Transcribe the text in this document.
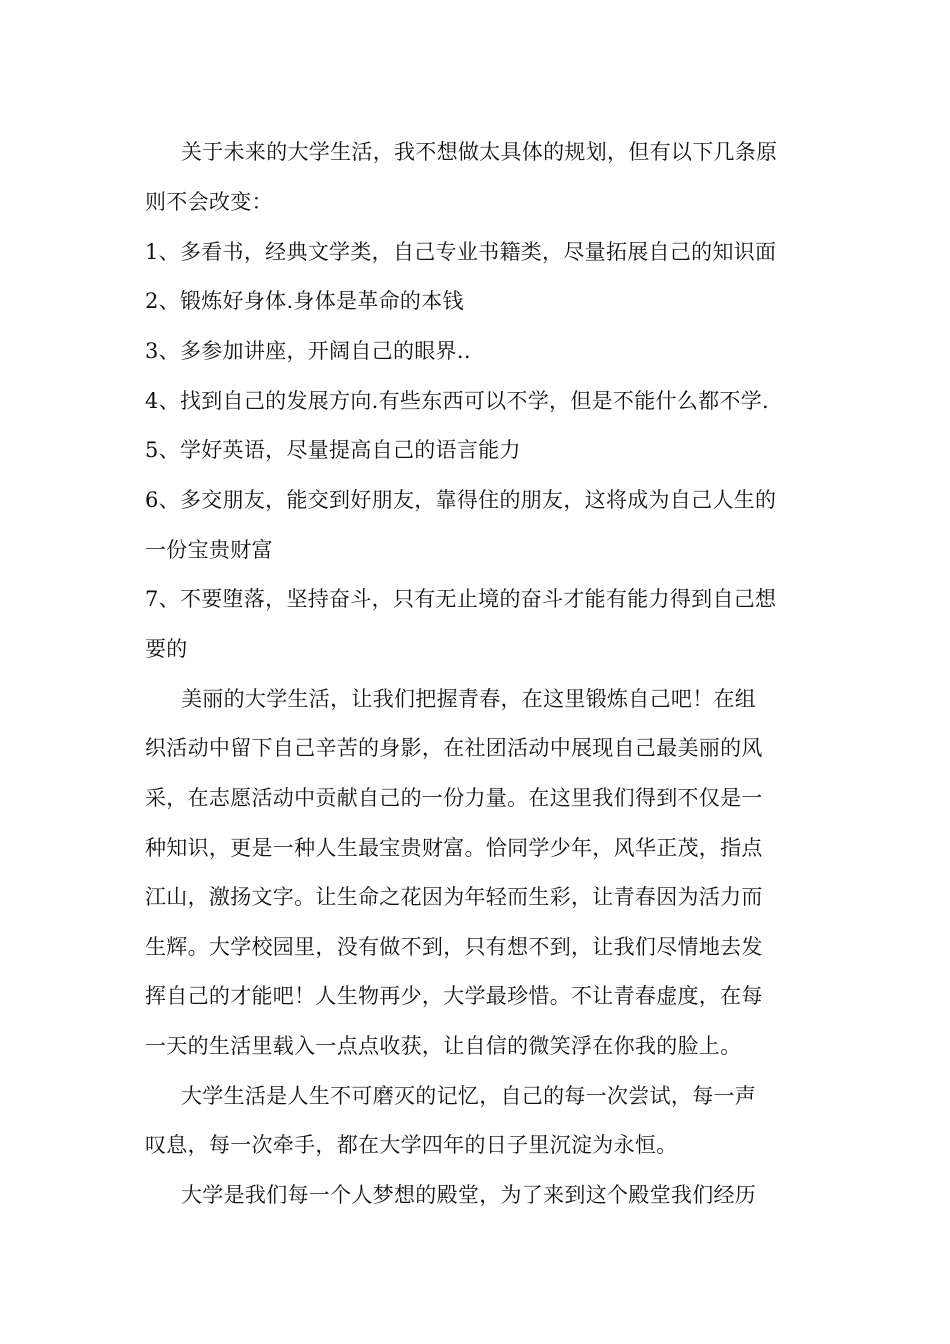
关于未来的大学生活，我不想做太具体的规划，但有以下几条原
则不会改变：
1、多看书，经典文学类，自己专业书籍类，尽量拓展自己的知识面
2、锻炼好身体.身体是革命的本钱
3、多参加讲座，开阔自己的眼界..
4、找到自己的发展方向.有些东西可以不学，但是不能什么都不学.
5、学好英语，尽量提高自己的语言能力
6、多交朋友，能交到好朋友，靠得住的朋友，这将成为自己人生的
一份宝贵财富
7、不要堕落，坚持奋斗，只有无止境的奋斗才能有能力得到自己想
要的
美丽的大学生活，让我们把握青春，在这里锻炼自己吧！在组
织活动中留下自己辛苦的身影，在社团活动中展现自己最美丽的风
采，在志愿活动中贡献自己的一份力量。在这里我们得到不仅是一
种知识，更是一种人生最宝贵财富。恰同学少年，风华正茂，指点
江山，激扬文字。让生命之花因为年轻而生彩，让青春因为活力而
生辉。大学校园里，没有做不到，只有想不到，让我们尽情地去发
挥自己的才能吧！人生物再少，大学最珍惜。不让青春虚度，在每
一天的生活里载入一点点收获，让自信的微笑浮在你我的脸上。
大学生活是人生不可磨灭的记忆，自己的每一次尝试，每一声
叹息，每一次牵手，都在大学四年的日子里沉淀为永恒。
大学是我们每一个人梦想的殿堂，为了来到这个殿堂我们经历
